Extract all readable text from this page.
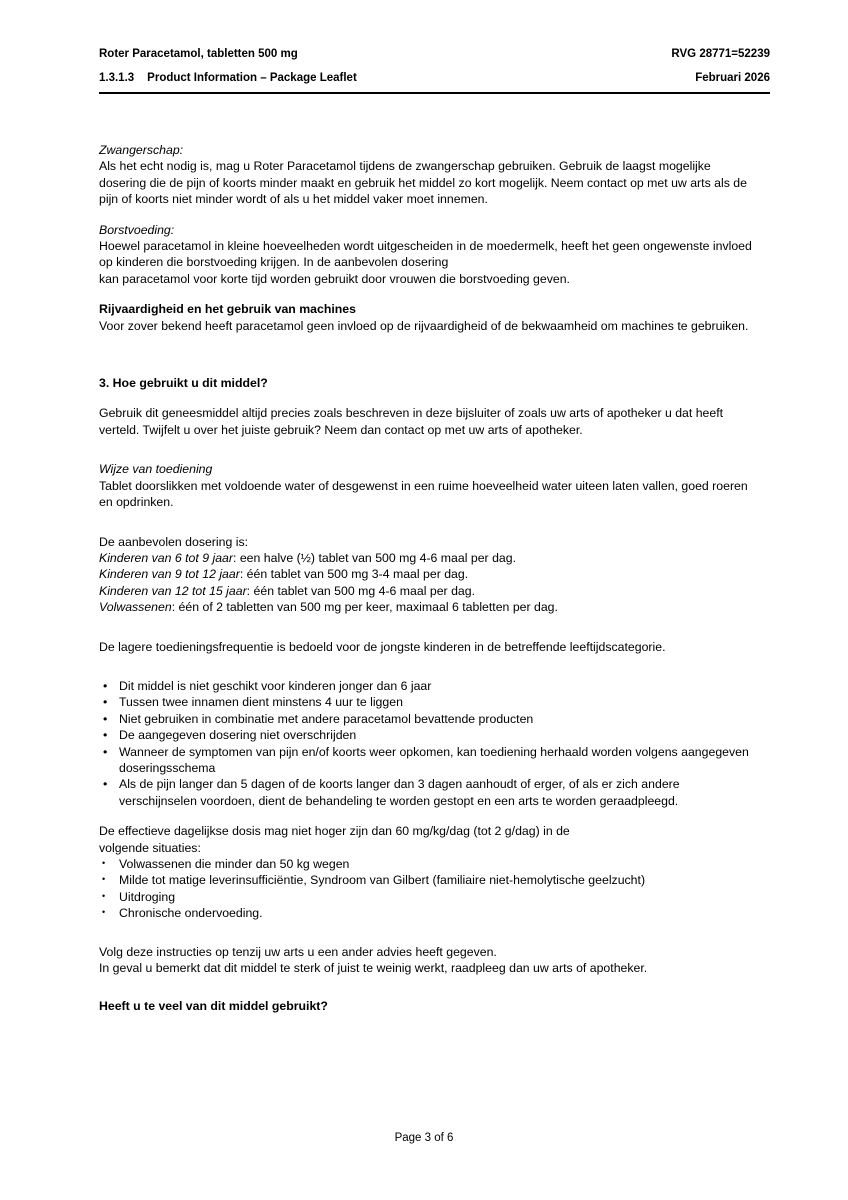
Roter Paracetamol, tabletten 500 mg	RVG 28771=52239
1.3.1.3 Product Information – Package Leaflet	Februari 2026

Zwangerschap:

Als het echt nodig is, mag u Roter Paracetamol tijdens de zwangerschap gebruiken. Gebruik de laagst mogelijke dosering die de pijn of koorts minder maakt en gebruik het middel zo kort mogelijk. Neem contact op met uw arts als de pijn of koorts niet minder wordt of als u het middel vaker moet innemen.

Borstvoeding:

Hoewel paracetamol in kleine hoeveelheden wordt uitgescheiden in de moedermelk, heeft het geen ongewenste invloed op kinderen die borstvoeding krijgen. In de aanbevolen dosering

kan paracetamol voor korte tijd worden gebruikt door vrouwen die borstvoeding geven.

Rijvaardigheid en het gebruik van machines

Voor zover bekend heeft paracetamol geen invloed op de rijvaardigheid of de bekwaamheid om machines te gebruiken.

3. Hoe gebruikt u dit middel?

Gebruik dit geneesmiddel altijd precies zoals beschreven in deze bijsluiter of zoals uw arts of apotheker u dat heeft verteld. Twijfelt u over het juiste gebruik? Neem dan contact op met uw arts of apotheker.

Wijze van toediening

Tablet doorslikken met voldoende water of desgewenst in een ruime hoeveelheid water uiteen laten vallen, goed roeren en opdrinken.

De aanbevolen dosering is:

Kinderen van 6 tot 9 jaar: een halve (½) tablet van 500 mg 4-6 maal per dag.

Kinderen van 9 tot 12 jaar: één tablet van 500 mg 3-4 maal per dag.

Kinderen van 12 tot 15 jaar: één tablet van 500 mg 4-6 maal per dag.

Volwassenen: één of 2 tabletten van 500 mg per keer, maximaal 6 tabletten per dag.

De lagere toedieningsfrequentie is bedoeld voor de jongste kinderen in de betreffende leeftijdscategorie.

• Dit middel is niet geschikt voor kinderen jonger dan 6 jaar
• Tussen twee innamen dient minstens 4 uur te liggen
• Niet gebruiken in combinatie met andere paracetamol bevattende producten
• De aangegeven dosering niet overschrijden
• Wanneer de symptomen van pijn en/of koorts weer opkomen, kan toediening herhaald worden volgens aangegeven doseringsschema
• Als de pijn langer dan 5 dagen of de koorts langer dan 3 dagen aanhoudt of erger, of als er zich andere verschijnselen voordoen, dient de behandeling te worden gestopt en een arts te worden geraadpleegd.

De effectieve dagelijkse dosis mag niet hoger zijn dan 60 mg/kg/dag (tot 2 g/dag) in de

volgende situaties:

• Volwassenen die minder dan 50 kg wegen
• Milde tot matige leverinsufficiëntie, Syndroom van Gilbert (familiaire niet-hemolytische geelzucht)
• Uitdroging
• Chronische ondervoeding.

Volg deze instructies op tenzij uw arts u een ander advies heeft gegeven.

In geval u bemerkt dat dit middel te sterk of juist te weinig werkt, raadpleeg dan uw arts of apotheker.

Heeft u te veel van dit middel gebruikt?

Page 3 of 6
